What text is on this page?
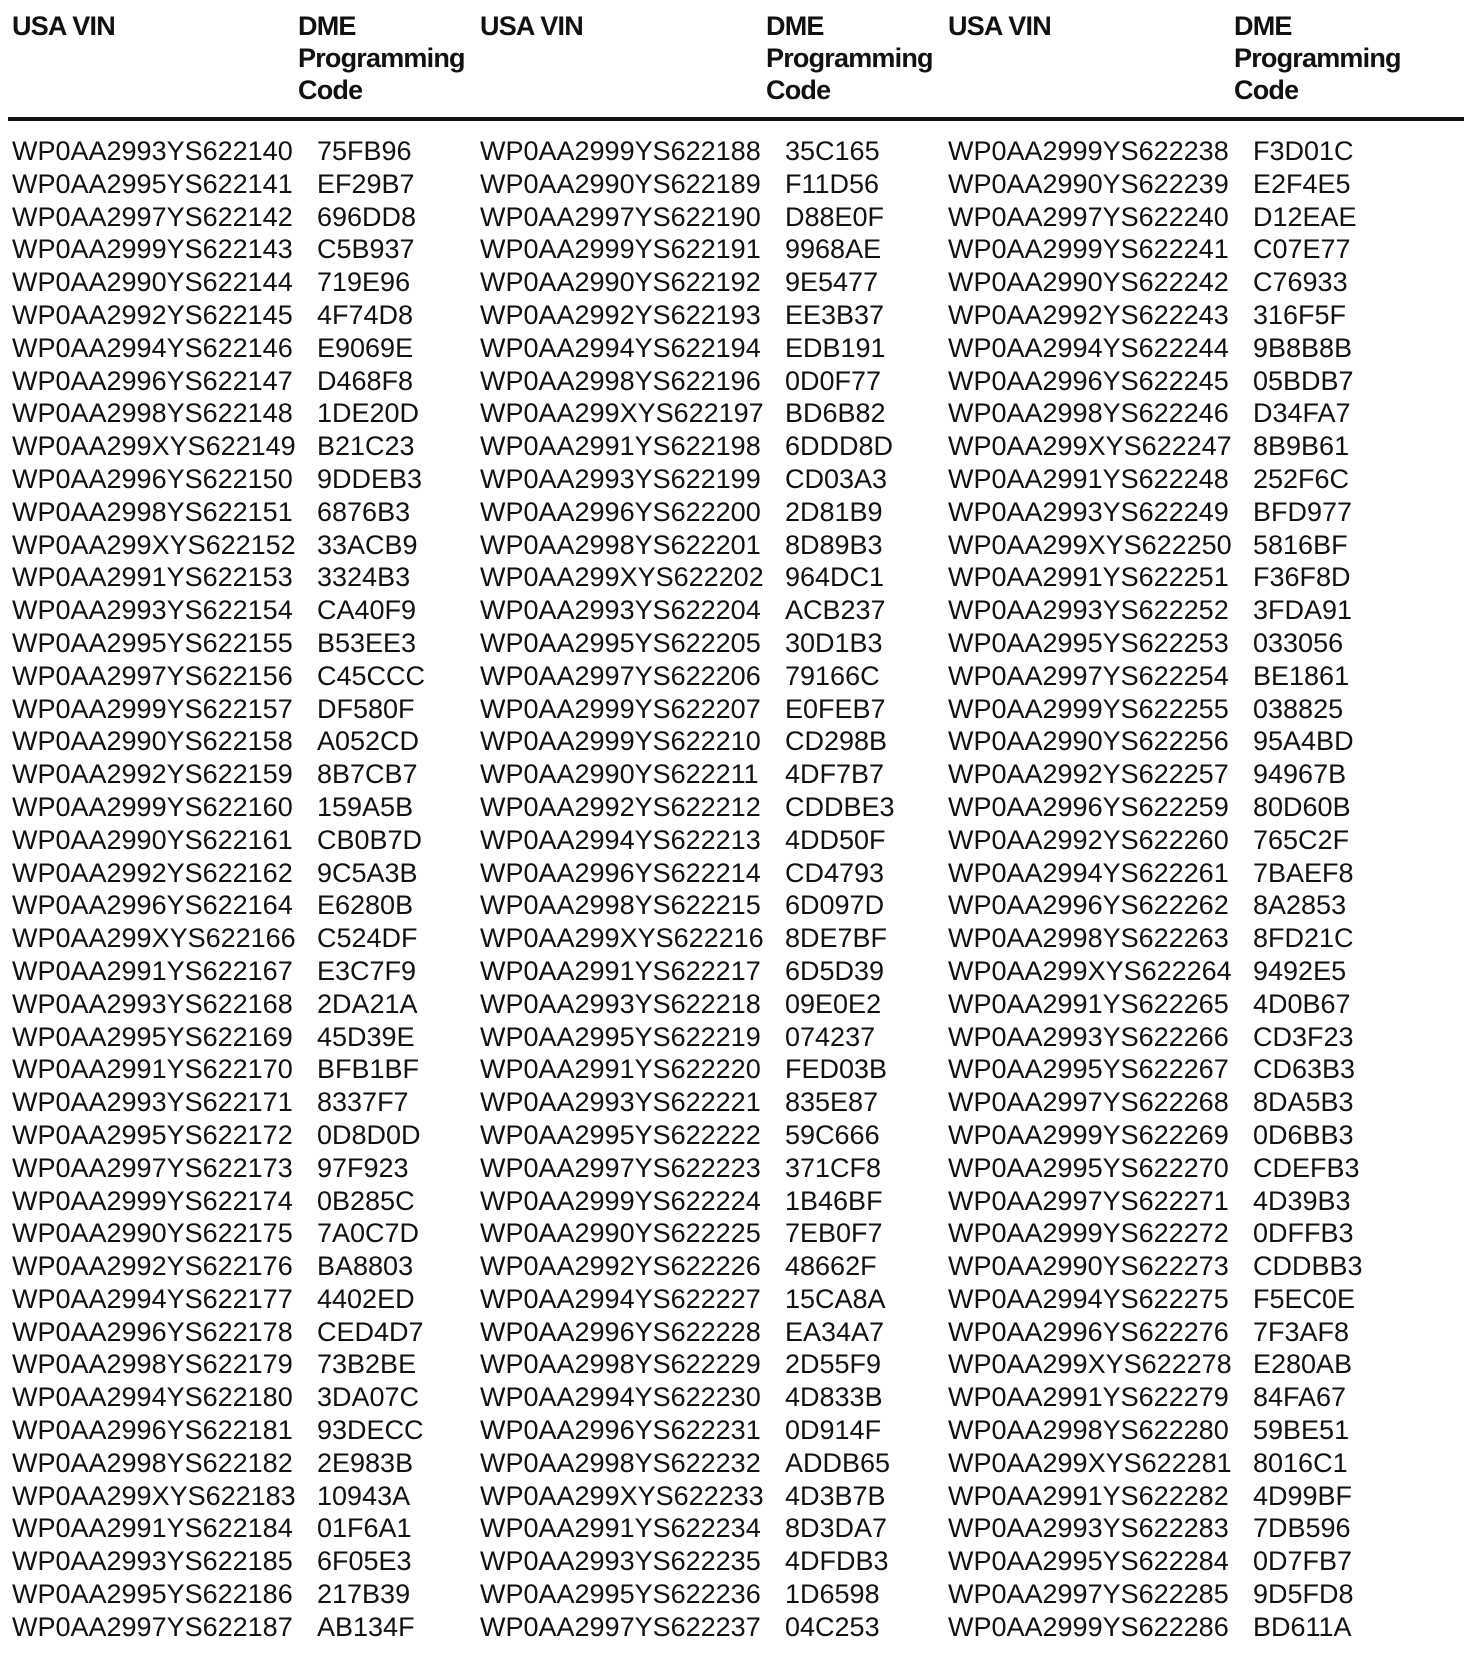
USA VIN	DME Programming Code
USA VIN	DME Programming Code
USA VIN	DME Programming Code
WP0AA2993YS622140 75FB96
WP0AA2995YS622141 EF29B7
WP0AA2997YS622142 696DD8
WP0AA2999YS622143 C5B937
WP0AA2990YS622144 719E96
WP0AA2992YS622145 4F74D8
WP0AA2994YS622146 E9069E
WP0AA2996YS622147 D468F8
WP0AA2998YS622148 1DE20D
WP0AA299XYS622149 B21C23
WP0AA2996YS622150 9DDEB3
WP0AA2998YS622151 6876B3
WP0AA299XYS622152 33ACB9
WP0AA2991YS622153 3324B3
WP0AA2993YS622154 CA40F9
WP0AA2995YS622155 B53EE3
WP0AA2997YS622156 C45CCC
WP0AA2999YS622157 DF580F
WP0AA2990YS622158 A052CD
WP0AA2992YS622159 8B7CB7
WP0AA2999YS622160 159A5B
WP0AA2990YS622161 CB0B7D
WP0AA2992YS622162 9C5A3B
WP0AA2996YS622164 E6280B
WP0AA299XYS622166 C524DF
WP0AA2991YS622167 E3C7F9
WP0AA2993YS622168 2DA21A
WP0AA2995YS622169 45D39E
WP0AA2991YS622170 BFB1BF
WP0AA2993YS622171 8337F7
WP0AA2995YS622172 0D8D0D
WP0AA2997YS622173 97F923
WP0AA2999YS622174 0B285C
WP0AA2990YS622175 7A0C7D
WP0AA2992YS622176 BA8803
WP0AA2994YS622177 4402ED
WP0AA2996YS622178 CED4D7
WP0AA2998YS622179 73B2BE
WP0AA2994YS622180 3DA07C
WP0AA2996YS622181 93DECC
WP0AA2998YS622182 2E983B
WP0AA299XYS622183 10943A
WP0AA2991YS622184 01F6A1
WP0AA2993YS622185 6F05E3
WP0AA2995YS622186 217B39
WP0AA2997YS622187 AB134F
WP0AA2999YS622188 35C165
WP0AA2990YS622189 F11D56
WP0AA2997YS622190 D88E0F
WP0AA2999YS622191 9968AE
WP0AA2990YS622192 9E5477
WP0AA2992YS622193 EE3B37
WP0AA2994YS622194 EDB191
WP0AA2998YS622196 0D0F77
WP0AA299XYS622197 BD6B82
WP0AA2991YS622198 6DDD8D
WP0AA2993YS622199 CD03A3
WP0AA2996YS622200 2D81B9
WP0AA2998YS622201 8D89B3
WP0AA299XYS622202 964DC1
WP0AA2993YS622204 ACB237
WP0AA2995YS622205 30D1B3
WP0AA2997YS622206 79166C
WP0AA2999YS622207 E0FEB7
WP0AA2999YS622210 CD298B
WP0AA2990YS622211 4DF7B7
WP0AA2992YS622212 CDDBE3
WP0AA2994YS622213 4DD50F
WP0AA2996YS622214 CD4793
WP0AA2998YS622215 6D097D
WP0AA299XYS622216 8DE7BF
WP0AA2991YS622217 6D5D39
WP0AA2993YS622218 09E0E2
WP0AA2995YS622219 074237
WP0AA2991YS622220 FED03B
WP0AA2993YS622221 835E87
WP0AA2995YS622222 59C666
WP0AA2997YS622223 371CF8
WP0AA2999YS622224 1B46BF
WP0AA2990YS622225 7EB0F7
WP0AA2992YS622226 48662F
WP0AA2994YS622227 15CA8A
WP0AA2996YS622228 EA34A7
WP0AA2998YS622229 2D55F9
WP0AA2994YS622230 4D833B
WP0AA2996YS622231 0D914F
WP0AA2998YS622232 ADDB65
WP0AA299XYS622233 4D3B7B
WP0AA2991YS622234 8D3DA7
WP0AA2993YS622235 4DFDB3
WP0AA2995YS622236 1D6598
WP0AA2997YS622237 04C253
WP0AA2999YS622238 F3D01C
WP0AA2990YS622239 E2F4E5
WP0AA2997YS622240 D12EAE
WP0AA2999YS622241 C07E77
WP0AA2990YS622242 C76933
WP0AA2992YS622243 316F5F
WP0AA2994YS622244 9B8B8B
WP0AA2996YS622245 05BDB7
WP0AA2998YS622246 D34FA7
WP0AA299XYS622247 8B9B61
WP0AA2991YS622248 252F6C
WP0AA2993YS622249 BFD977
WP0AA299XYS622250 5816BF
WP0AA2991YS622251 F36F8D
WP0AA2993YS622252 3FDA91
WP0AA2995YS622253 033056
WP0AA2997YS622254 BE1861
WP0AA2999YS622255 038825
WP0AA2990YS622256 95A4BD
WP0AA2992YS622257 94967B
WP0AA2996YS622259 80D60B
WP0AA2992YS622260 765C2F
WP0AA2994YS622261 7BAEF8
WP0AA2996YS622262 8A2853
WP0AA2998YS622263 8FD21C
WP0AA299XYS622264 9492E5
WP0AA2991YS622265 4D0B67
WP0AA2993YS622266 CD3F23
WP0AA2995YS622267 CD63B3
WP0AA2997YS622268 8DA5B3
WP0AA2999YS622269 0D6BB3
WP0AA2995YS622270 CDEFB3
WP0AA2997YS622271 4D39B3
WP0AA2999YS622272 0DFFB3
WP0AA2990YS622273 CDDBB3
WP0AA2994YS622275 F5EC0E
WP0AA2996YS622276 7F3AF8
WP0AA299XYS622278 E280AB
WP0AA2991YS622279 84FA67
WP0AA2998YS622280 59BE51
WP0AA299XYS622281 8016C1
WP0AA2991YS622282 4D99BF
WP0AA2993YS622283 7DB596
WP0AA2995YS622284 0D7FB7
WP0AA2997YS622285 9D5FD8
WP0AA2999YS622286 BD611A
